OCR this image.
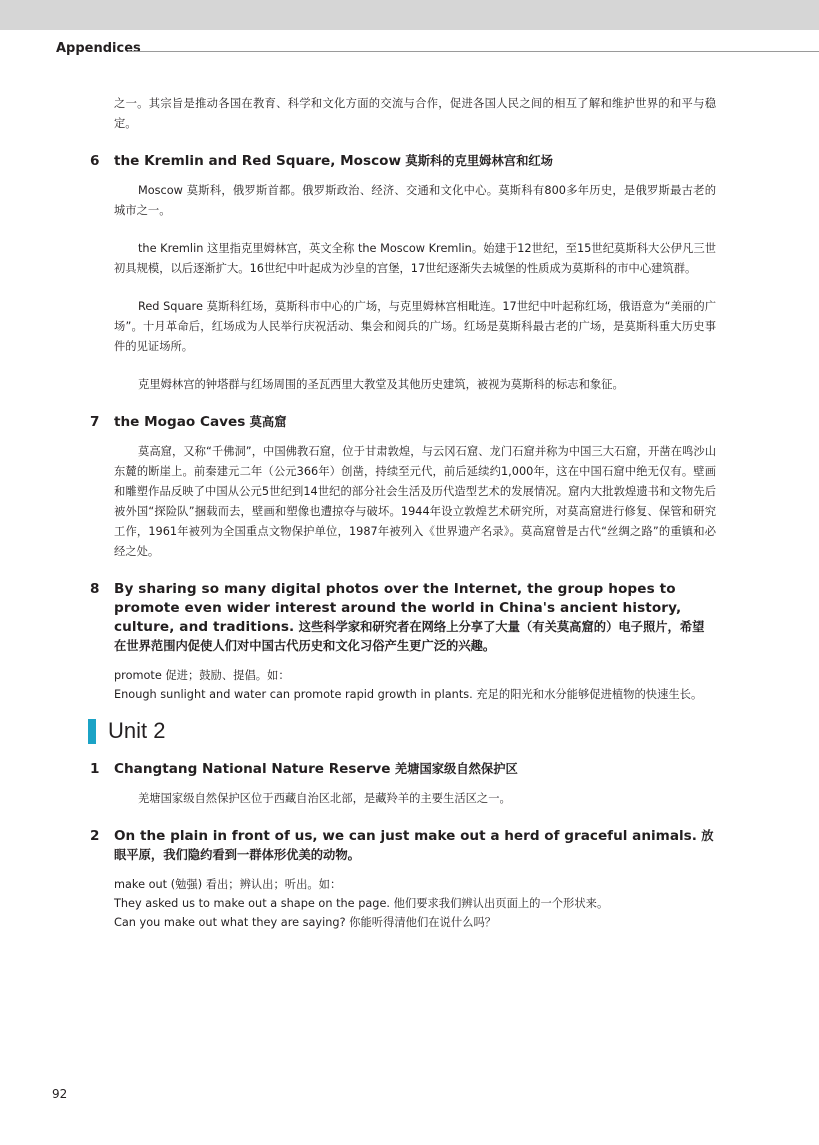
Appendices

之一。其宗旨是推动各国在教育、科学和文化方面的交流与合作，促进各国人民之间的相互了解和维护世界的和平与稳定。

6	the Kremlin and Red Square, Moscow 莫斯科的克里姆林宫和红场

Moscow 莫斯科，俄罗斯首都。俄罗斯政治、经济、交通和文化中心。莫斯科有800多年历史，是俄罗斯最古老的城市之一。

the Kremlin 这里指克里姆林宫，英文全称 the Moscow Kremlin。始建于12世纪，至15世纪莫斯科大公伊凡三世初具规模，以后逐渐扩大。16世纪中叶起成为沙皇的宫堡，17世纪逐渐失去城堡的性质成为莫斯科的市中心建筑群。

Red Square 莫斯科红场，莫斯科市中心的广场，与克里姆林宫相毗连。17世纪中叶起称红场，俄语意为“美丽的广场”。十月革命后，红场成为人民举行庆祝活动、集会和阅兵的广场。红场是莫斯科最古老的广场，是莫斯科重大历史事件的见证场所。

克里姆林宫的钟塔群与红场周围的圣瓦西里大教堂及其他历史建筑，被视为莫斯科的标志和象征。

7	the Mogao Caves 莫高窟

莫高窟，又称“千佛洞”，中国佛教石窟，位于甘肃敦煌，与云冈石窟、龙门石窟并称为中国三大石窟，开凿在鸣沙山东麓的断崖上。前秦建元二年（公元366年）创凿，持续至元代，前后延续约1,000年，这在中国石窟中绝无仅有。壁画和雕塑作品反映了中国从公元5世纪到14世纪的部分社会生活及历代造型艺术的发展情况。窟内大批敦煌遗书和文物先后被外国“探险队”捆载而去，壁画和塑像也遭掠夺与破坏。1944年设立敦煌艺术研究所，对莫高窟进行修复、保管和研究工作，1961年被列为全国重点文物保护单位，1987年被列入《世界遗产名录》。莫高窟曾是古代“丝绸之路”的重镇和必经之处。

8	By sharing so many digital photos over the Internet, the group hopes to promote even wider interest around the world in China's ancient history, culture, and traditions. 这些科学家和研究者在网络上分享了大量（有关莫高窟的）电子照片，希望在世界范围内促使人们对中国古代历史和文化习俗产生更广泛的兴趣。

promote 促进；鼓励、提倡。如：

Enough sunlight and water can promote rapid growth in plants. 充足的阳光和水分能够促进植物的快速生长。

Unit 2
1	Changtang National Nature Reserve 羌塘国家级自然保护区

羌塘国家级自然保护区位于西藏自治区北部，是藏羚羊的主要生活区之一。

2	On the plain in front of us, we can just make out a herd of graceful animals. 放眼平原，我们隐约看到一群体形优美的动物。

make out (勉强) 看出；辨认出；听出。如：

They asked us to make out a shape on the page. 他们要求我们辨认出页面上的一个形状来。

Can you make out what they are saying? 你能听得清他们在说什么吗？

92
